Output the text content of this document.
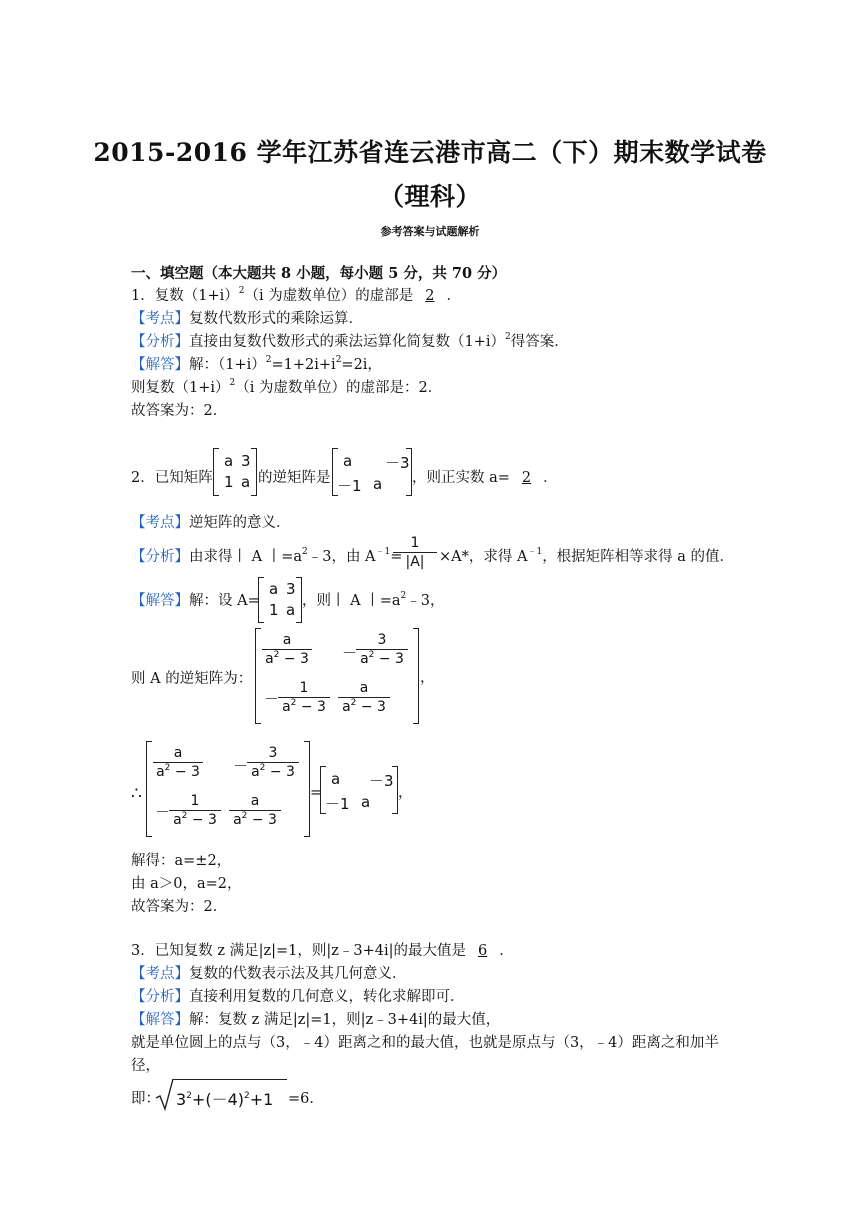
2015-2016 学年江苏省连云港市高二（下）期末数学试卷
（理科）
参考答案与试题解析
一、填空题（本大题共 8 小题，每小题 5 分，共 70 分）
1．复数$(1+i)^2(i$ 为虚数单位）的虚部是 2 ．
【考点】复数代数形式的乘除运算．
【分析】直接由复数代数形式的乘法运算化简复数$(1+i)^2$得答案．
【解答】解：$(1+i)^2=1+2i+i^2=2i$，
则复数$(1+i)^2(i$ 为虚数单位）的虚部是：2．
故答案为：2．
2．已知矩阵
a 3
1 a 的逆矩阵是
a －3
－1 a ，则正实数 a= 2 ．
【考点】逆矩阵的意义．
【分析】由求得丨 A 丨$=a^2﹣3$，由 $A^{﹣1}=$
$\frac{1}{|A|} \times A*$，求得 $A^{﹣1}$，根据矩阵相等求得 a 的值．
【解答】解：设 A=
a 3
1 a ，则丨 A 丨$=a^2﹣3$，
则 A 的逆矩阵为：
$\frac{a}{a^2 - 3}$ －
$\frac{3}{a^2 - 3}$
－
$\frac{1}{a^2 - 3} \frac{a}{a^2 - 3}$
，
∴
$\frac{a}{a^2 - 3}$ －
$\frac{3}{a^2 - 3}$
－
$\frac{1}{a^2 - 3} \frac{a}{a^2 - 3}$ =
a －3
－1 a ，
解得：a=±2，
由 a＞0，a=2，
故答案为：2．
3．已知复数 z 满足|z|=1，则|z﹣3+4i|的最大值是 6 ．
【考点】复数的代数表示法及其几何意义．
【分析】直接利用复数的几何意义，转化求解即可．
【解答】解：复数 z 满足|z|=1，则|z﹣3+4i|的最大值，
就是单位圆上的点与（3，﹣4）距离之和的最大值，也就是原点与（3，﹣4）距离之和加半
径，
即： $3^2+(-4)^2+1 =6$．
